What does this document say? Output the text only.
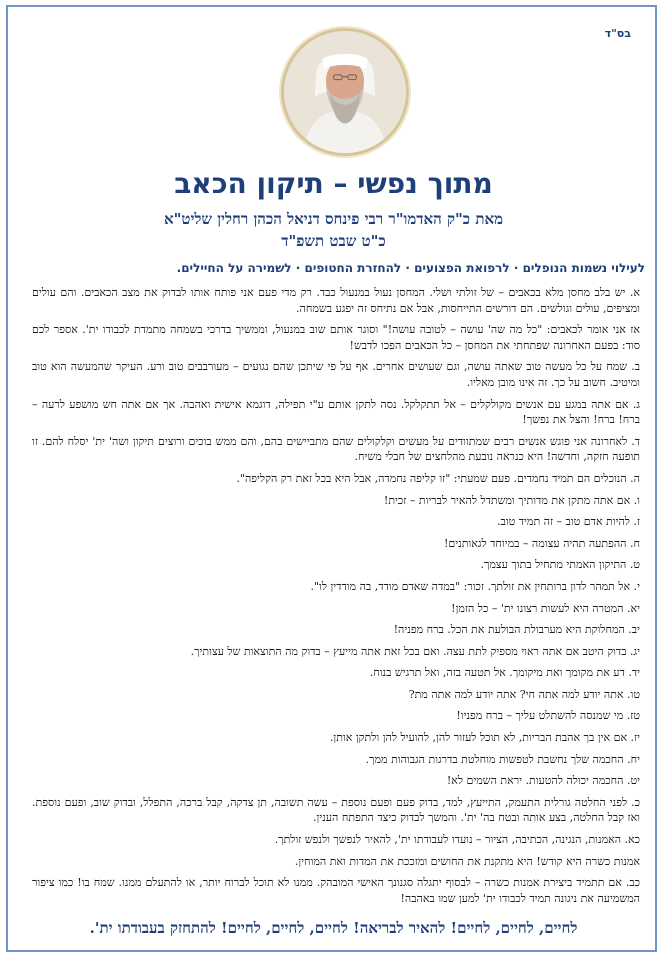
בס"ד
מתוך נפשי – תיקון הכאב
מאת כ"ק האדמו"ר רבי פינחס דניאל הכהן רחלין שליט"א
כ"ט שבט תשפ"ד
לעילוי נשמות הנופלים · לרפואת הפצועים · להחזרת החטופים · לשמירה על החיילים.

א. יש בלב מחסן מלא בכאבים – של זולתי ושלי. המחסן נעול במנעול כבד. רק מדי פעם אני פותח אותו לבדוק את מצב הכאבים. והם עולים ומציפים, עולים וגולשים. הם דורשים התייחסות, אבל אם נתיחס זה יפגע בשמחה.

אז אני אומר לכאבים: "כל מה שה' עושה – לטובה עושה!" וסוגר אותם שוב במנעול, וממשיך בדרכי בשמחה מתמדת לכבודו ית'. אספר לכם סוד: בפעם האחרונה שפתחתי את המחסן – כל הכאבים הפכו לדבש!

ב. שמח על כל מעשה טוב שאתה עושה, וגם שעושים אחרים. אף על פי שיתכן שהם נגועים – מעורבבים טוב ורע. העיקר שהמעשה הוא טוב ומיטיב. חשוב על כך. זה אינו מובן מאליו.

ג. אם אתה במגע עם אנשים מקולקלים – אל תתקלקל. נסה לתקן אותם ע"י תפילה, דוגמא אישית ואהבה. אך אם אתה חש מושפע לרעה – ברח! ברח! והצל את נפשך!

ד. לאחרונה אני פוגש אנשים רבים שמתוודים על מעשים וקלקולים שהם מתביישים בהם, והם ממש בוכים ורוצים תיקון ושה' ית' יסלח להם. זו תופעה חזקה, וחדשה! היא כנראה נובעת מהלחצים של חבלי משיח.

ה. הנוכלים הם תמיד נחמדים. פעם שמעתי: "זו קליפה נחמדה, אבל היא בכל זאת רק הקליפה".

ו. אם אתה מתקן את מדותיך ומשתדל להאיר לבריות – זכית!

ז. להיות אדם טוב – זה תמיד טוב.

ח. ההפתעה תהיה עצומה – במיוחד לגאותנים!

ט. התיקון האמתי מתחיל בתוך עצמך.

י. אל תמהר לדון ברותחין את זולתך. זכור: "במדה שאדם מודד, בה מודדין לו".

יא. המטרה היא לעשות רצונו ית' – כל הזמן!

יב. המחלוקת היא מערבולת הבולעת את הכל. ברח מפניה!

יג. בדוק היטב אם אתה ראוי מספיק לתת עצה. ואם בכל זאת אתה מייעץ – בדוק מה התוצאות של עצותיך.

יד. דע את מקומך ואת מיקומך. אל תטעה בזה, ואל תרגיש בנוח.

טו. אתה יודע למה אתה חי? אתה יודע למה אתה מת?

טז. מי שמנסה להשתלט עליך – ברח מפניו!

יז. אם אין בך אהבת הבריות, לא תוכל לעזור להן, להועיל להן ולתקן אותן.

יח. החכמה שלך נחשבת לטפשות מוחלטת בדרגות הגבוהות ממך.

יט. החכמה יכולה להטעות. יראת השמים לא!

כ. לפני החלטה גורלית התעמק, התייעץ, למד, בדוק פעם ופעם נוספת – עשה תשובה, תן צדקה, קבל ברכה, התפלל, ובדוק שוב, ופעם נוספת. ואז קבל החלטה, בצע אותה ובטח בה' ית'. והמשך לבדוק כיצד התפתח הענין.

כא. האמנות, הנגינה, הכתיבה, הציור – נועדו לעבודתו ית', להאיר לנפשך ולנפש זולתך.

אמנות כשרה היא קודש! היא מתקנת את החושים ומזככת את המדות ואת המוחין.

כב. אם תתמיד ביצירת אמנות כשרה – לבסוף יתגלה סגנונך האישי המובהק. ממנו לא תוכל לברוח יותר, או להתעלם ממנו. שמח בו! כמו ציפור המשמיעה את ניגונה תמיד לכבודו ית' למען שמו באהבה!

לחיים, לחיים, לחיים! להאיר לבריאה! לחיים, לחיים, לחיים! להתחזק בעבודתו ית'.
